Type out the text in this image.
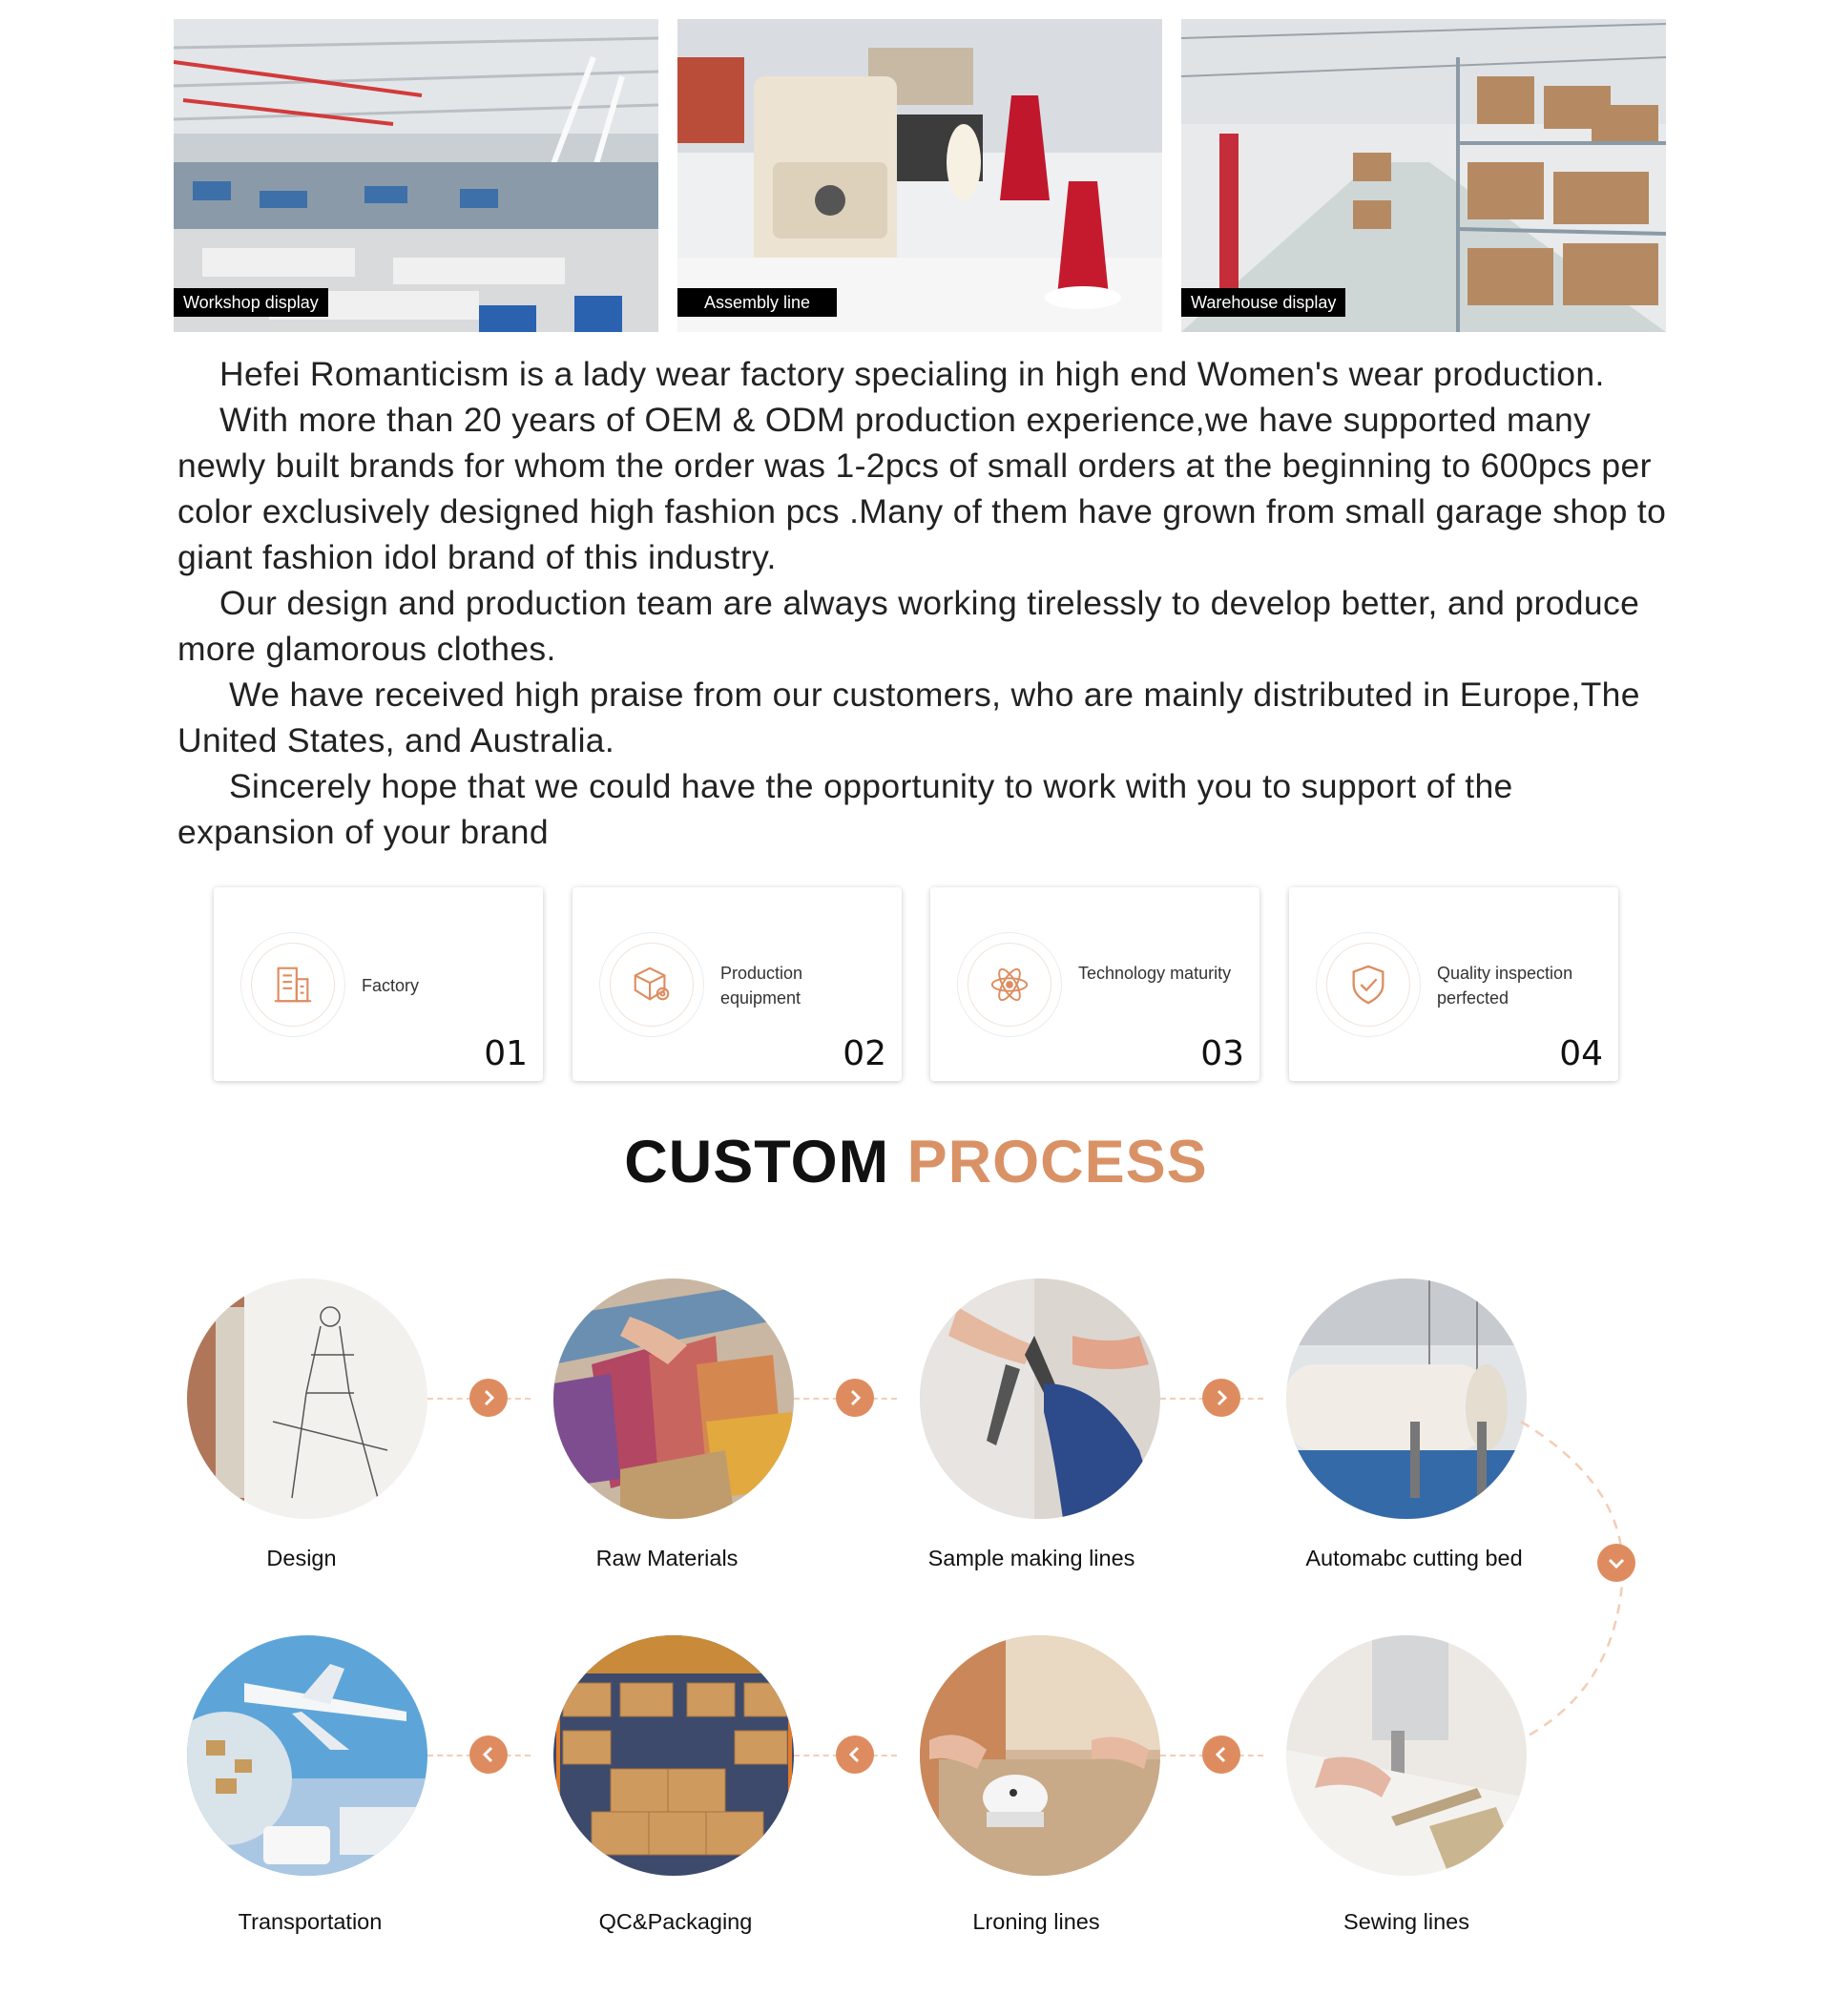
Workshop display	Assembly line	Warehouse display

Hefei Romanticism is a lady wear factory specialing in high end Women's wear production.

With more than 20 years of OEM & ODM production experience,we have supported many newly built brands for whom the order was 1-2pcs of small orders at the beginning to 600pcs per color exclusively designed high fashion pcs .Many of them have grown from small garage shop to giant fashion idol brand of this industry.

Our design and production team are always working tirelessly to develop better, and produce more glamorous clothes.

We have received high praise from our customers, who are mainly distributed in Europe,The United States, and Australia.

Sincerely hope that we could have the opportunity to work with you to support of the expansion of your brand

Factory
01
Production equipment
02
Technology maturity
03
Quality inspection perfected
04
CUSTOM PROCESS
Design	Raw Materials	Sample making lines	Automabc cutting bed
Transportation	QC&Packaging	Lroning lines	Sewing lines
